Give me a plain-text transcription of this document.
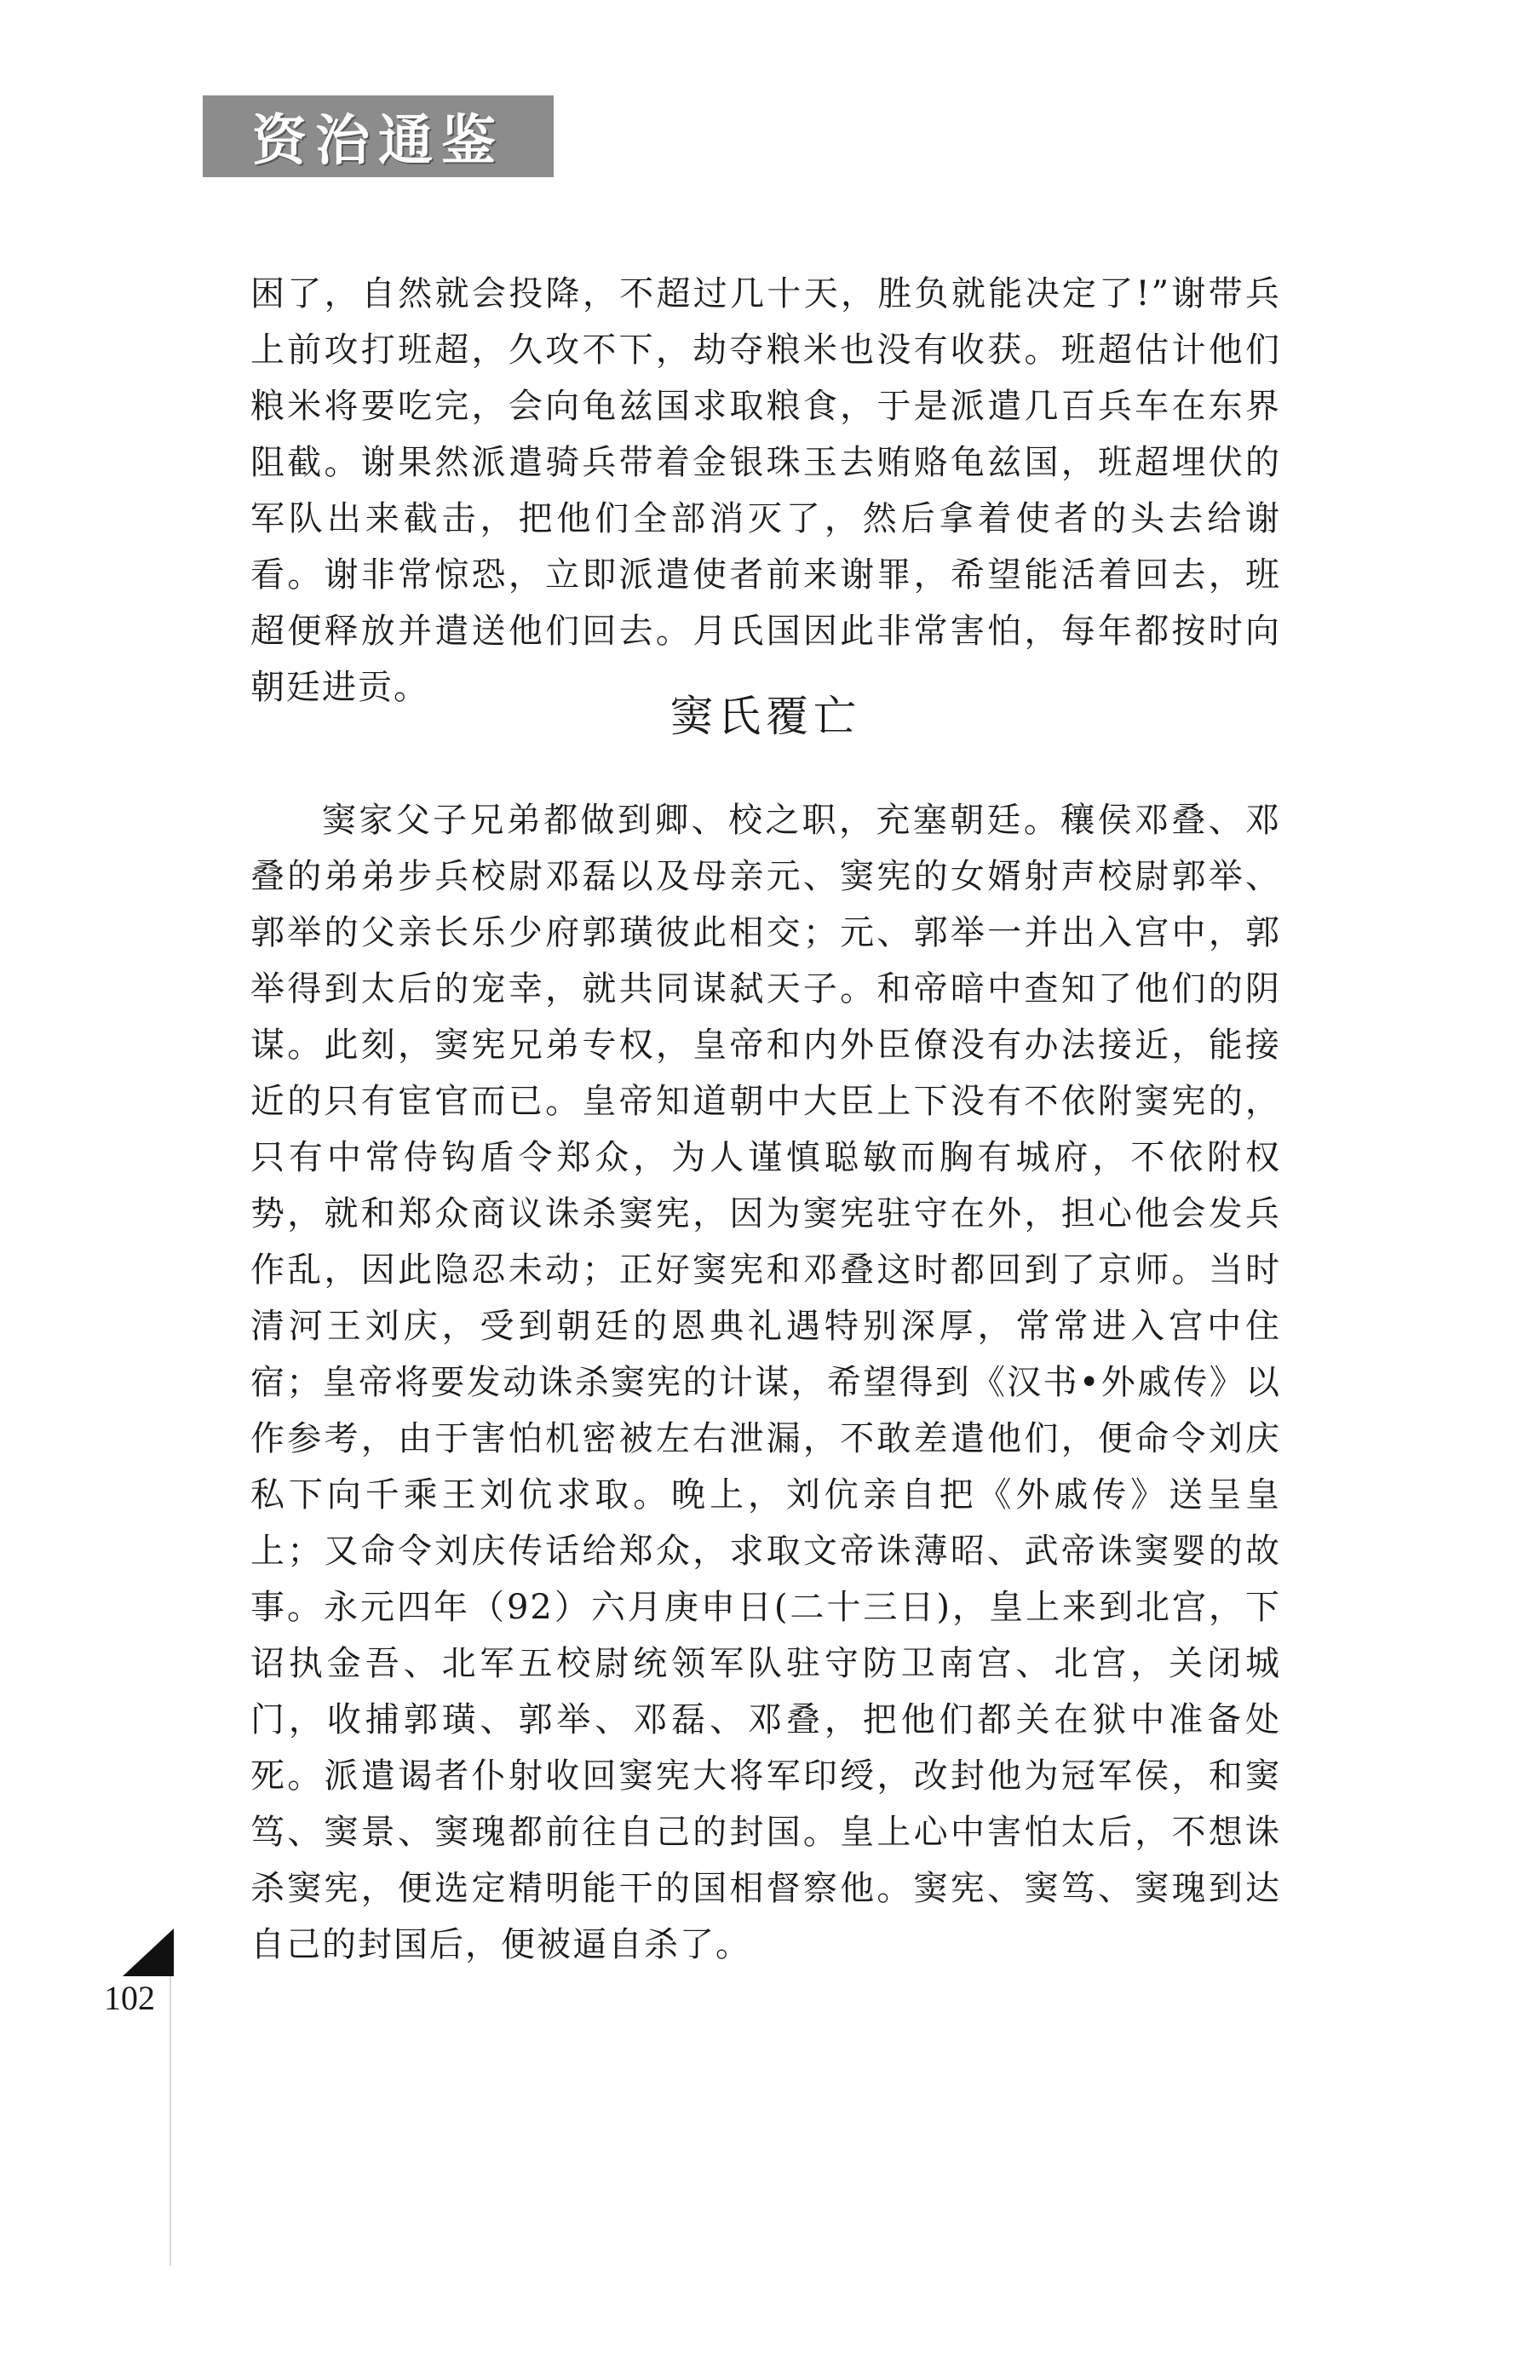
资治通鉴

困了，自然就会投降，不超过几十天，胜负就能决定了!”谢带兵上前攻打班超，久攻不下，劫夺粮米也没有收获。班超估计他们粮米将要吃完，会向龟兹国求取粮食，于是派遣几百兵车在东界阻截。谢果然派遣骑兵带着金银珠玉去贿赂龟兹国，班超埋伏的军队出来截击，把他们全部消灭了，然后拿着使者的头去给谢看。谢非常惊恐，立即派遣使者前来谢罪，希望能活着回去，班超便释放并遣送他们回去。月氏国因此非常害怕，每年都按时向朝廷进贡。

窦氏覆亡

窦家父子兄弟都做到卿、校之职，充塞朝廷。穰侯邓叠、邓叠的弟弟步兵校尉邓磊以及母亲元、窦宪的女婿射声校尉郭举、郭举的父亲长乐少府郭璜彼此相交；元、郭举一并出入宫中，郭举得到太后的宠幸，就共同谋弑天子。和帝暗中查知了他们的阴谋。此刻，窦宪兄弟专权，皇帝和内外臣僚没有办法接近，能接近的只有宦官而已。皇帝知道朝中大臣上下没有不依附窦宪的，只有中常侍钩盾令郑众，为人谨慎聪敏而胸有城府，不依附权势，就和郑众商议诛杀窦宪，因为窦宪驻守在外，担心他会发兵作乱，因此隐忍未动；正好窦宪和邓叠这时都回到了京师。当时清河王刘庆，受到朝廷的恩典礼遇特别深厚，常常进入宫中住宿；皇帝将要发动诛杀窦宪的计谋，希望得到《汉书•外戚传》以作参考，由于害怕机密被左右泄漏，不敢差遣他们，便命令刘庆私下向千乘王刘伉求取。晚上，刘伉亲自把《外戚传》送呈皇上；又命令刘庆传话给郑众，求取文帝诛薄昭、武帝诛窦婴的故事。永元四年（92）六月庚申日(二十三日)，皇上来到北宫，下诏执金吾、北军五校尉统领军队驻守防卫南宫、北宫，关闭城门，收捕郭璜、郭举、邓磊、邓叠，把他们都关在狱中准备处死。派遣谒者仆射收回窦宪大将军印绶，改封他为冠军侯，和窦笃、窦景、窦瑰都前往自己的封国。皇上心中害怕太后，不想诛杀窦宪，便选定精明能干的国相督察他。窦宪、窦笃、窦瑰到达自己的封国后，便被逼自杀了。

102
